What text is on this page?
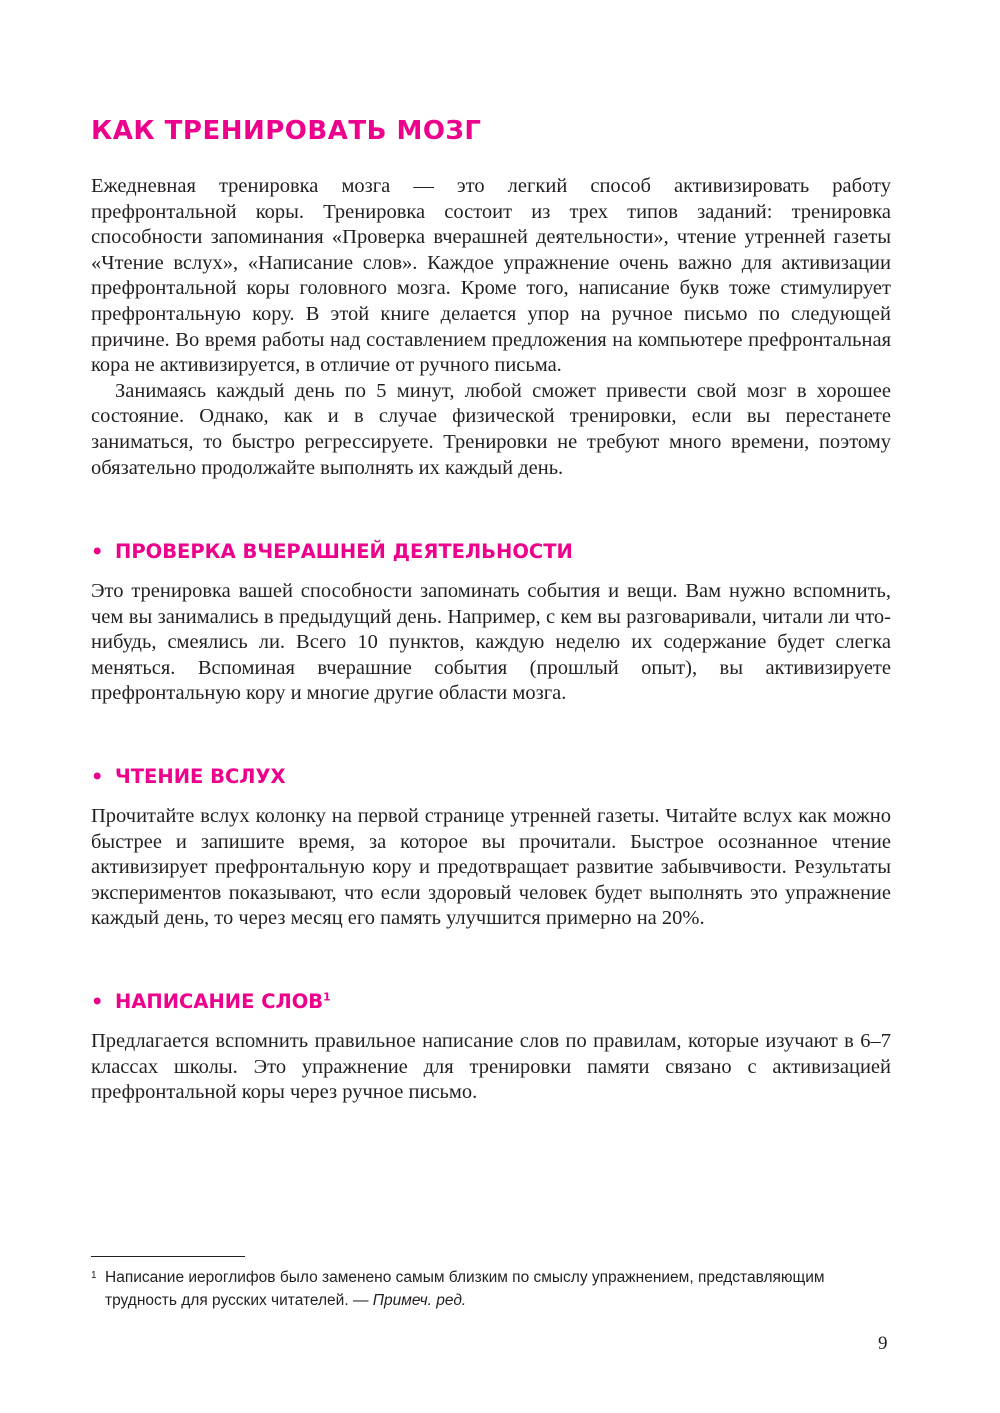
КАК ТРЕНИРОВАТЬ МОЗГ

Ежедневная тренировка мозга — это легкий способ активизировать работу префронтальной коры. Тренировка состоит из трех типов заданий: тренировка способности запоминания «Проверка вчерашней деятельности», чтение утренней газеты «Чтение вслух», «Написание слов». Каждое упражнение очень важно для активизации префронтальной коры головного мозга. Кроме того, написание букв тоже стимулирует префронтальную кору. В этой книге делается упор на ручное письмо по следующей причине. Во время работы над составлением предложения на компьютере префронтальная кора не активизируется, в отличие от ручного письма.

Занимаясь каждый день по 5 минут, любой сможет привести свой мозг в хорошее состояние. Однако, как и в случае физической тренировки, если вы перестанете заниматься, то быстро регрессируете. Тренировки не требуют много времени, поэтому обязательно продолжайте выполнять их каждый день.

• ПРОВЕРКА ВЧЕРАШНЕЙ ДЕЯТЕЛЬНОСТИ

Это тренировка вашей способности запоминать события и вещи. Вам нужно вспомнить, чем вы занимались в предыдущий день. Например, с кем вы разговаривали, читали ли что-нибудь, смеялись ли. Всего 10 пунктов, каждую неделю их содержание будет слегка меняться. Вспоминая вчерашние события (прошлый опыт), вы активизируете префронтальную кору и многие другие области мозга.

• ЧТЕНИЕ ВСЛУХ

Прочитайте вслух колонку на первой странице утренней газеты. Читайте вслух как можно быстрее и запишите время, за которое вы прочитали. Быстрое осознанное чтение активизирует префронтальную кору и предотвращает развитие забывчивости. Результаты экспериментов показывают, что если здоровый человек будет выполнять это упражнение каждый день, то через месяц его память улучшится примерно на 20%.

• НАПИСАНИЕ СЛОВ$^1$

Предлагается вспомнить правильное написание слов по правилам, которые изучают в 6–7 классах школы. Это упражнение для тренировки памяти связано с активизацией префронтальной коры через ручное письмо.

1 Написание иероглифов было заменено самым близким по смыслу упражнением, представляющим трудность для русских читателей. — Примеч. ред.
9
